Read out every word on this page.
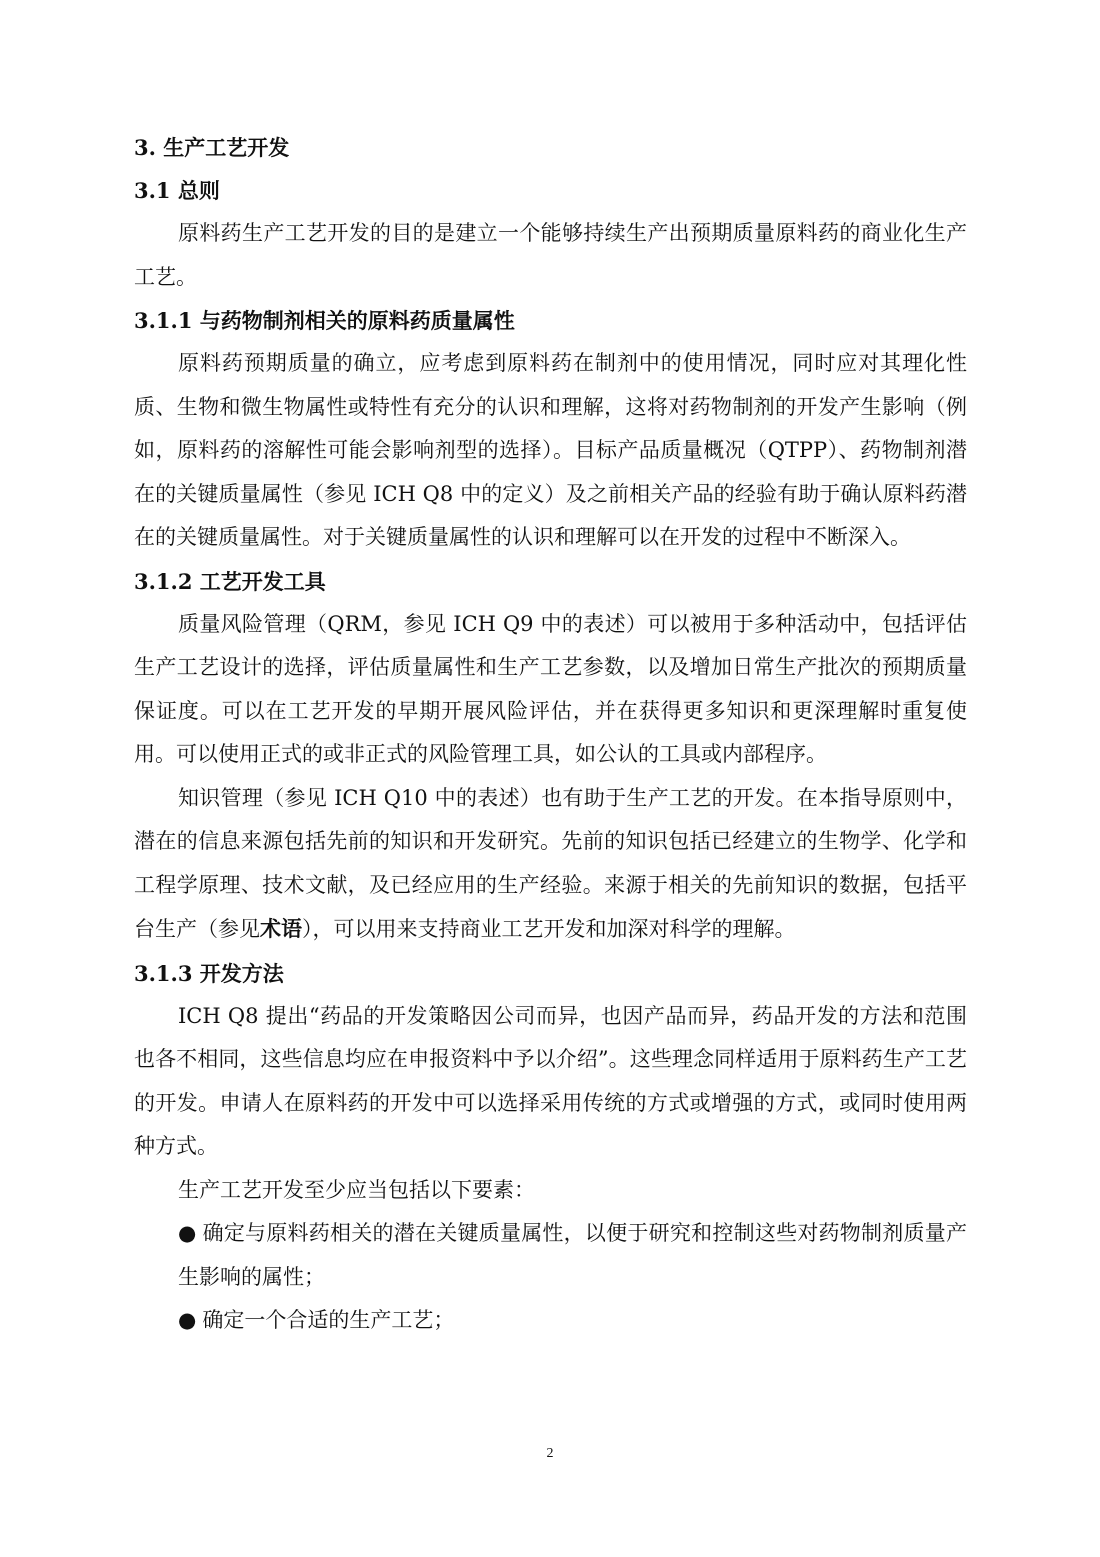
3. 生产工艺开发

3.1 总则

原料药生产工艺开发的目的是建立一个能够持续生产出预期质量原料药的商业化生产工艺。

3.1.1 与药物制剂相关的原料药质量属性

原料药预期质量的确立，应考虑到原料药在制剂中的使用情况，同时应对其理化性质、生物和微生物属性或特性有充分的认识和理解，这将对药物制剂的开发产生影响（例如，原料药的溶解性可能会影响剂型的选择）。目标产品质量概况（QTPP）、药物制剂潜在的关键质量属性（参见 ICH Q8 中的定义）及之前相关产品的经验有助于确认原料药潜在的关键质量属性。对于关键质量属性的认识和理解可以在开发的过程中不断深入。

3.1.2 工艺开发工具

质量风险管理（QRM，参见 ICH Q9 中的表述）可以被用于多种活动中，包括评估生产工艺设计的选择，评估质量属性和生产工艺参数，以及增加日常生产批次的预期质量保证度。可以在工艺开发的早期开展风险评估，并在获得更多知识和更深理解时重复使用。可以使用正式的或非正式的风险管理工具，如公认的工具或内部程序。

知识管理（参见 ICH Q10 中的表述）也有助于生产工艺的开发。在本指导原则中，潜在的信息来源包括先前的知识和开发研究。先前的知识包括已经建立的生物学、化学和工程学原理、技术文献，及已经应用的生产经验。来源于相关的先前知识的数据，包括平台生产（参见术语），可以用来支持商业工艺开发和加深对科学的理解。

3.1.3 开发方法

ICH Q8 提出“药品的开发策略因公司而异，也因产品而异，药品开发的方法和范围也各不相同，这些信息均应在申报资料中予以介绍”。这些理念同样适用于原料药生产工艺的开发。申请人在原料药的开发中可以选择采用传统的方式或增强的方式，或同时使用两种方式。

生产工艺开发至少应当包括以下要素：

● 确定与原料药相关的潜在关键质量属性，以便于研究和控制这些对药物制剂质量产生影响的属性；

● 确定一个合适的生产工艺；

2
